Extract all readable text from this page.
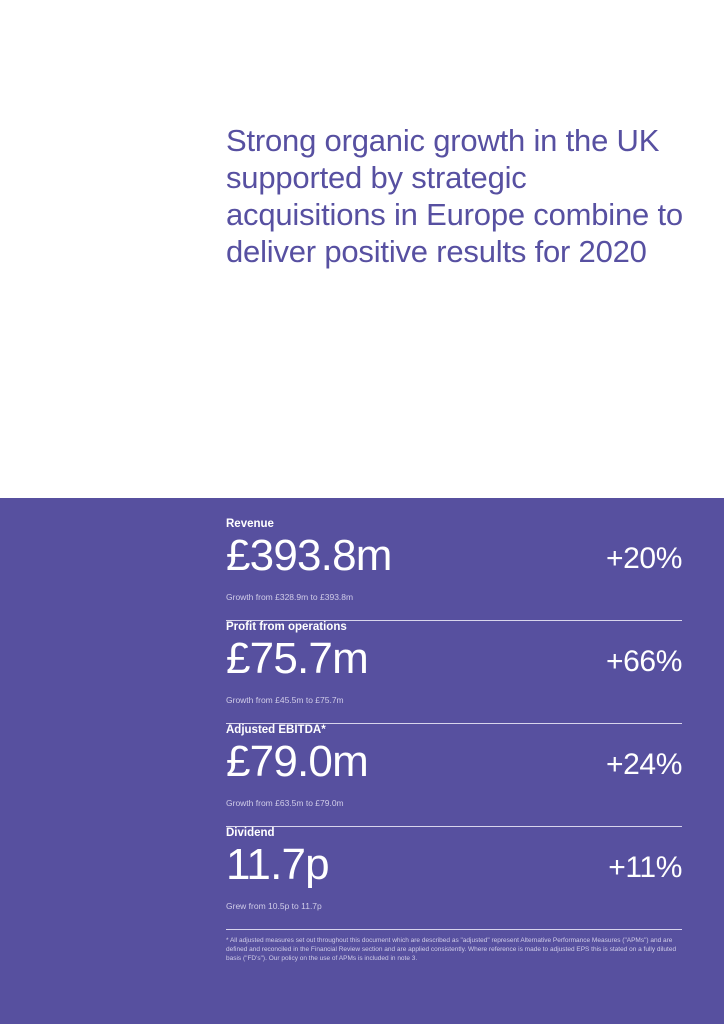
Strong organic growth in the UK supported by strategic acquisitions in Europe combine to deliver positive results for 2020
Revenue
£393.8m	+20%
Growth from £328.9m to £393.8m
Profit from operations
£75.7m	+66%
Growth from £45.5m to £75.7m
Adjusted EBITDA*
£79.0m	+24%
Growth from £63.5m to £79.0m
Dividend
11.7p	+11%
Grew from 10.5p to 11.7p
* All adjusted measures set out throughout this document which are described as "adjusted" represent Alternative Performance Measures ("APMs") and are defined and reconciled in the Financial Review section and are applied consistently. Where reference is made to adjusted EPS this is stated on a fully diluted basis ("FD's"). Our policy on the use of APMs is included in note 3.
